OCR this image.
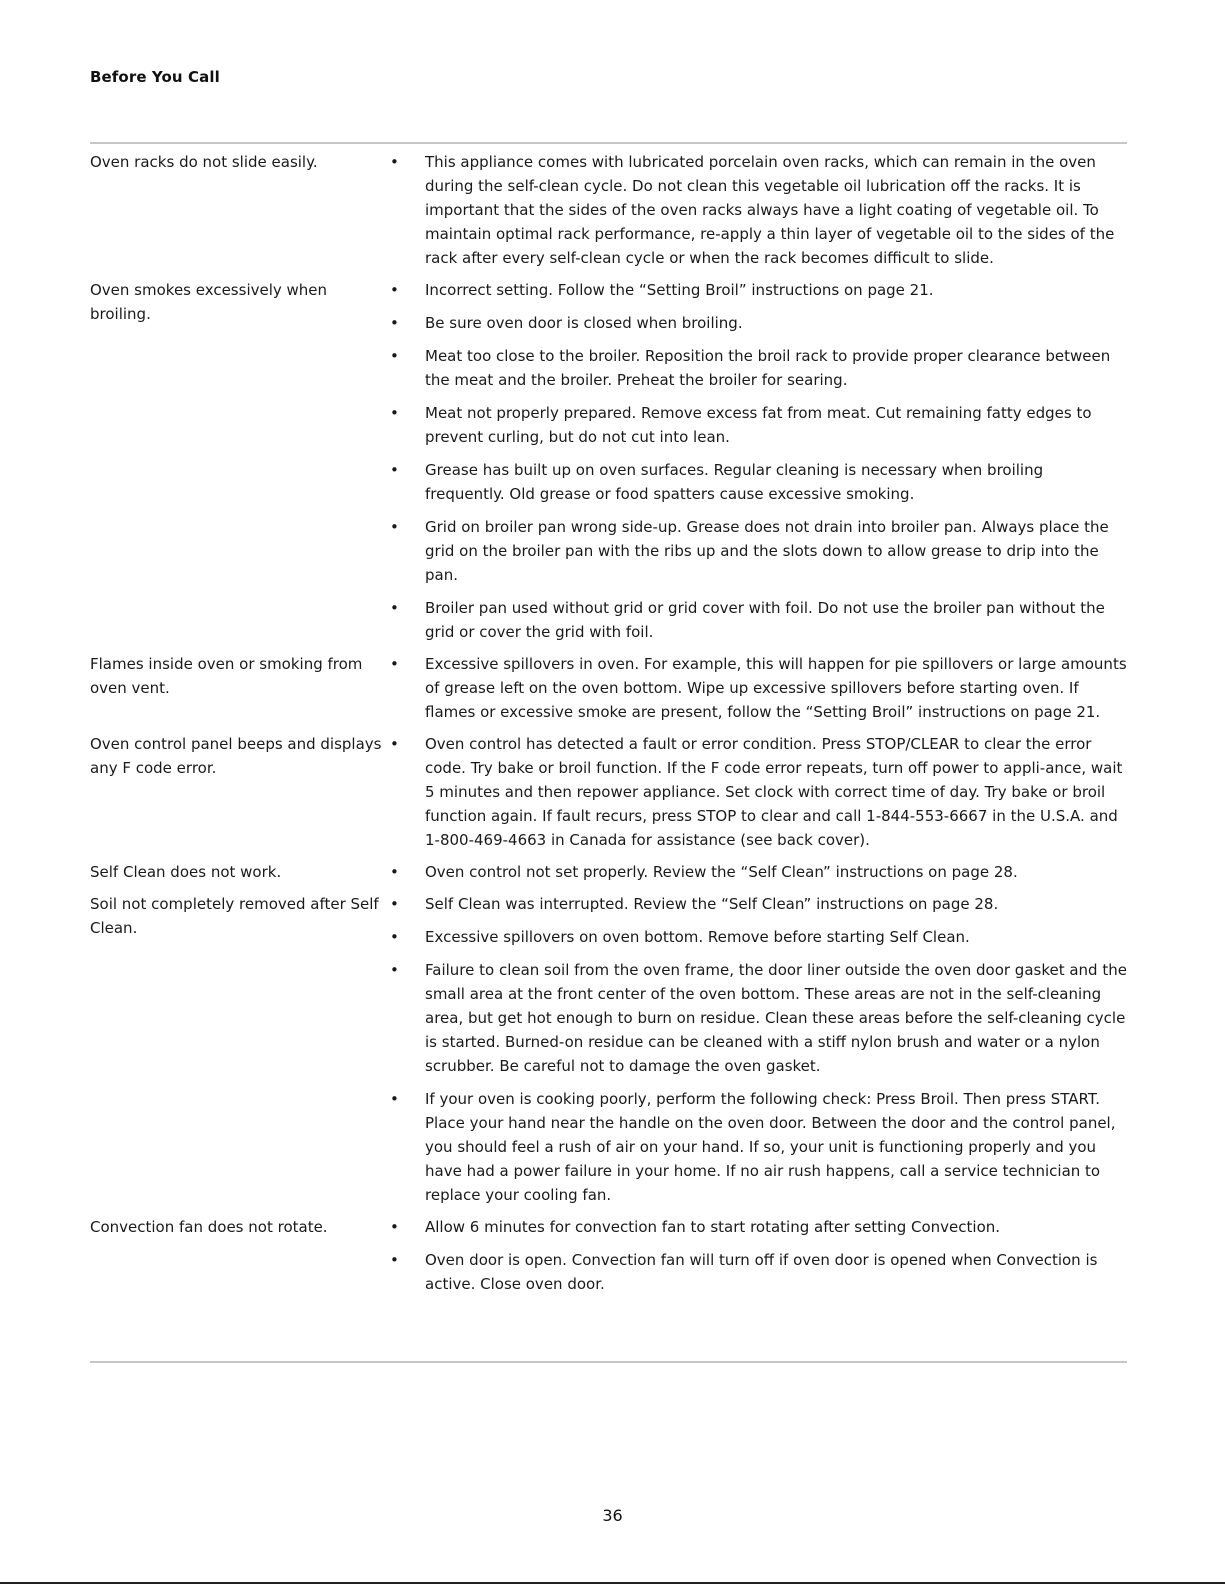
Before You Call
Oven racks do not slide easily.	•	This appliance comes with lubricated porcelain oven racks, which can remain in the oven during the self-clean cycle. Do not clean this vegetable oil lubrication off the racks. It is important that the sides of the oven racks always have a light coating of vegetable oil. To maintain optimal rack performance, re-apply a thin layer of vegetable oil to the sides of the rack after every self-clean cycle or when the rack becomes difficult to slide.
Oven smokes excessively when broiling.
•	Incorrect setting. Follow the “Setting Broil” instructions on page 21.
•	Be sure oven door is closed when broiling.
•	Meat too close to the broiler. Reposition the broil rack to provide proper clearance between the meat and the broiler. Preheat the broiler for searing.
•	Meat not properly prepared. Remove excess fat from meat. Cut remaining fatty edges to prevent curling, but do not cut into lean.
•	Grease has built up on oven surfaces. Regular cleaning is necessary when broiling frequently. Old grease or food spatters cause excessive smoking.
•	Grid on broiler pan wrong side-up. Grease does not drain into broiler pan. Always place the grid on the broiler pan with the ribs up and the slots down to allow grease to drip into the pan.
•	Broiler pan used without grid or grid cover with foil. Do not use the broiler pan without the grid or cover the grid with foil.
Flames inside oven or smoking from oven vent.
•	Excessive spillovers in oven. For example, this will happen for pie spillovers or large amounts of grease left on the oven bottom. Wipe up excessive spillovers before starting oven. If flames or excessive smoke are present, follow the “Setting Broil” instructions on page 21.
Oven control panel beeps and displays any F code error.
•	Oven control has detected a fault or error condition. Press STOP/CLEAR to clear the error code. Try bake or broil function. If the F code error repeats, turn off power to appli-ance, wait 5 minutes and then repower appliance. Set clock with correct time of day. Try bake or broil function again. If fault recurs, press STOP to clear and call 1-844-553-6667 in the U.S.A. and 1-800-469-4663 in Canada for assistance (see back cover).
Self Clean does not work.	•	Oven control not set properly. Review the “Self Clean” instructions on page 28.
Soil not completely removed after Self Clean.
•	Self Clean was interrupted. Review the “Self Clean” instructions on page 28.
•	Excessive spillovers on oven bottom. Remove before starting Self Clean.
•	Failure to clean soil from the oven frame, the door liner outside the oven door gasket and the small area at the front center of the oven bottom. These areas are not in the self-cleaning area, but get hot enough to burn on residue. Clean these areas before the self-cleaning cycle is started. Burned-on residue can be cleaned with a stiff nylon brush and water or a nylon scrubber. Be careful not to damage the oven gasket.
•	If your oven is cooking poorly, perform the following check: Press Broil. Then press START. Place your hand near the handle on the oven door. Between the door and the control panel, you should feel a rush of air on your hand. If so, your unit is functioning properly and you have had a power failure in your home. If no air rush happens, call a service technician to replace your cooling fan.
Convection fan does not rotate.	•	Allow 6 minutes for convection fan to start rotating after setting Convection.
•	Oven door is open. Convection fan will turn off if oven door is opened when Convection is active. Close oven door.
36
